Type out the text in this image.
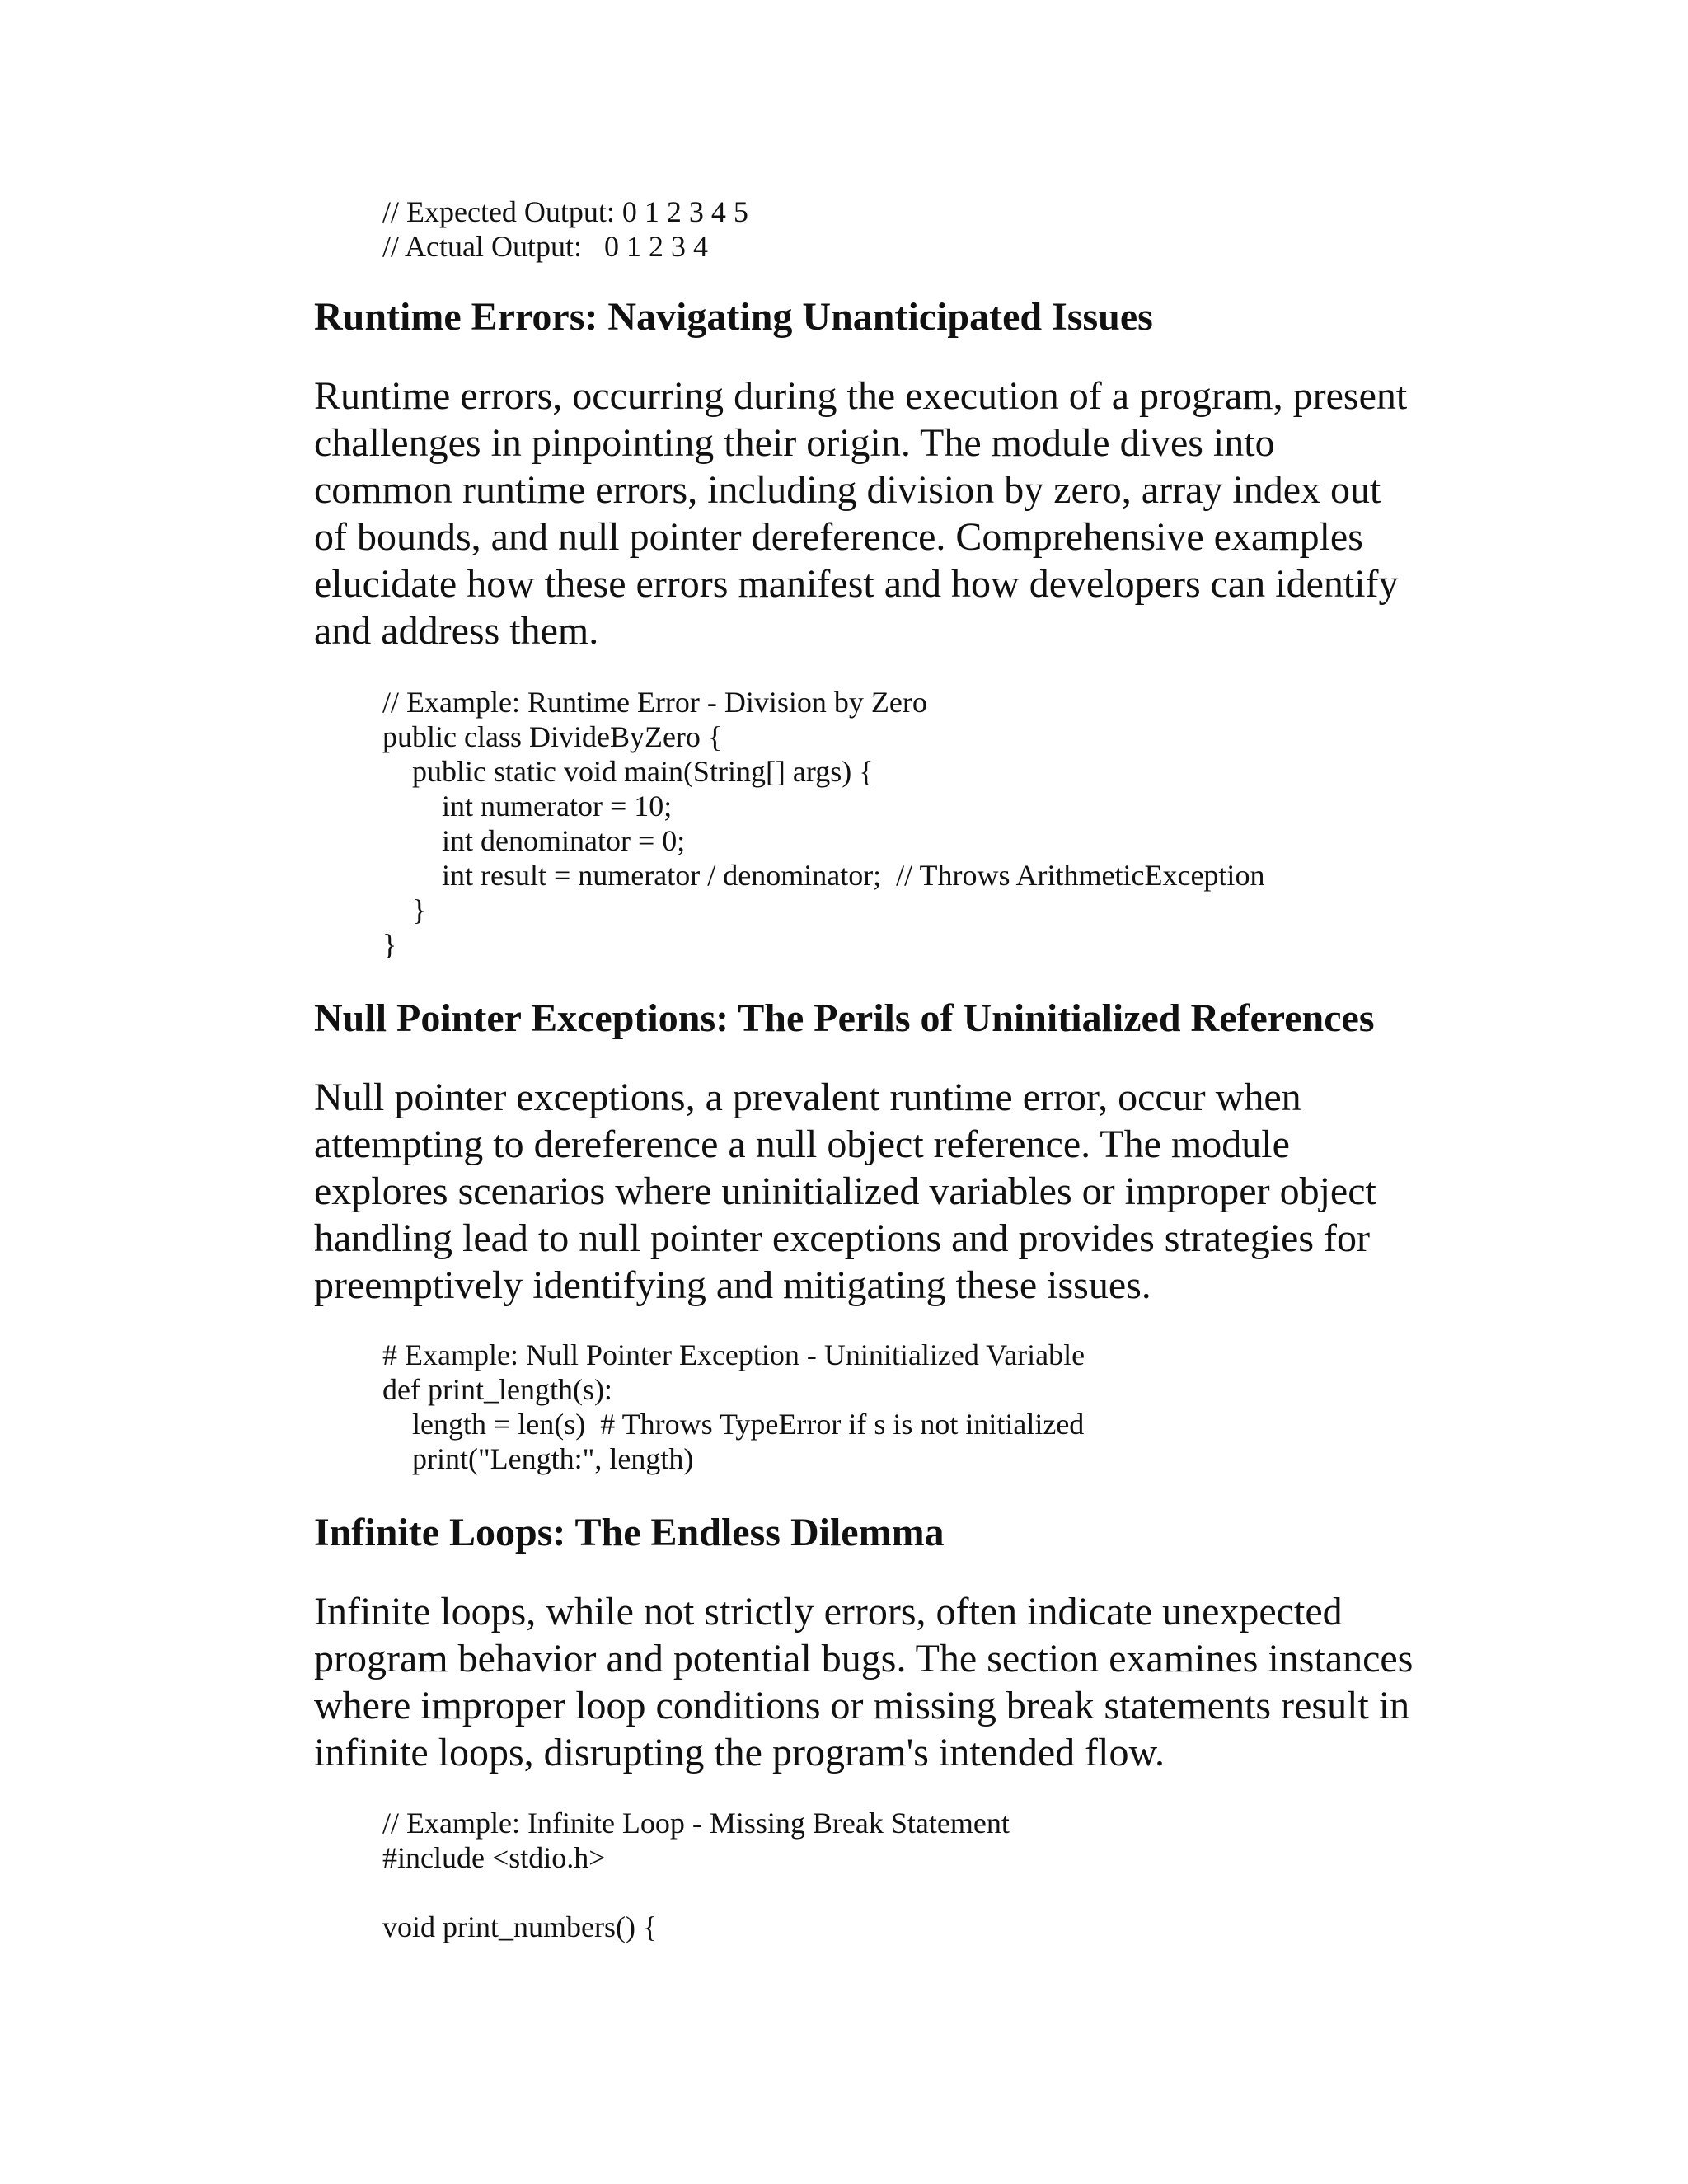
// Expected Output: 0 1 2 3 4 5
// Actual Output:   0 1 2 3 4
Runtime Errors: Navigating Unanticipated Issues

Runtime errors, occurring during the execution of a program, present
challenges in pinpointing their origin. The module dives into
common runtime errors, including division by zero, array index out
of bounds, and null pointer dereference. Comprehensive examples
elucidate how these errors manifest and how developers can identify
and address them.

// Example: Runtime Error - Division by Zero
public class DivideByZero {
public static void main(String[] args) {
int numerator = 10;
int denominator = 0;
int result = numerator / denominator;  // Throws ArithmeticException
}
}
Null Pointer Exceptions: The Perils of Uninitialized References

Null pointer exceptions, a prevalent runtime error, occur when
attempting to dereference a null object reference. The module
explores scenarios where uninitialized variables or improper object
handling lead to null pointer exceptions and provides strategies for
preemptively identifying and mitigating these issues.

# Example: Null Pointer Exception - Uninitialized Variable
def print_length(s):
length = len(s)  # Throws TypeError if s is not initialized
print("Length:", length)
Infinite Loops: The Endless Dilemma

Infinite loops, while not strictly errors, often indicate unexpected
program behavior and potential bugs. The section examines instances
where improper loop conditions or missing break statements result in
infinite loops, disrupting the program's intended flow.

// Example: Infinite Loop - Missing Break Statement
#include <stdio.h>
void print_numbers() {
